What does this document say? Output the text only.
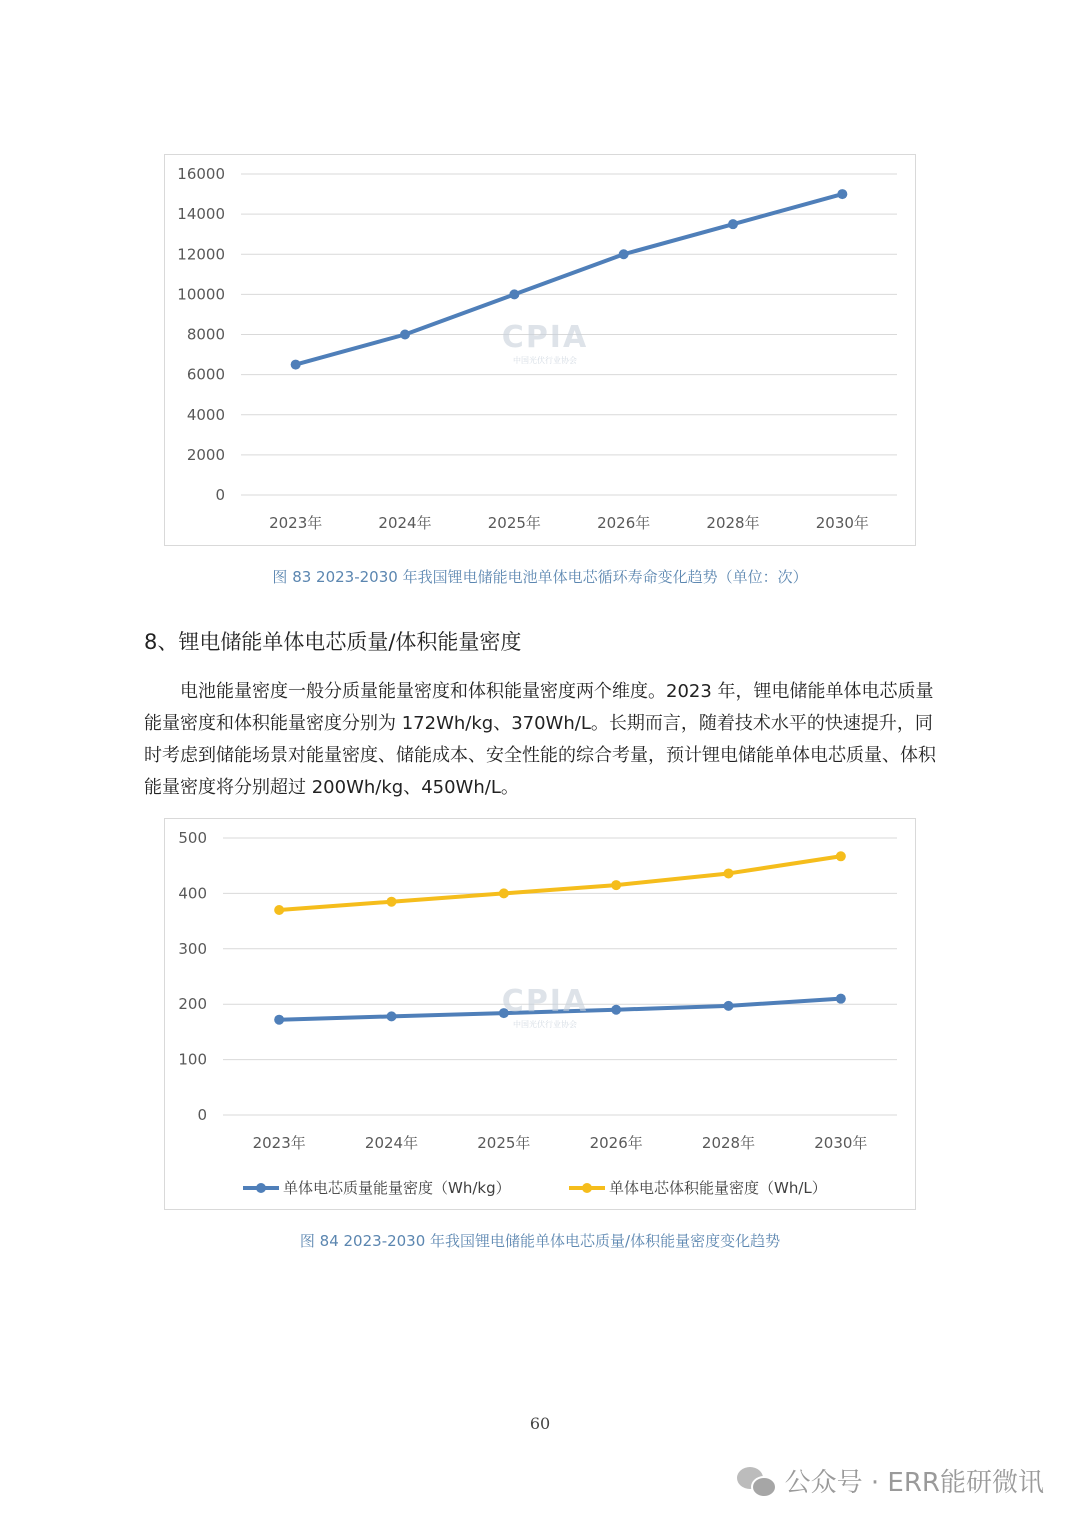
0
2000
4000
6000
8000
10000
12000
14000
16000
2023年	2024年	2025年	2026年	2028年	2030年
CPIA
中国光伏行业协会
图 83 2023-2030 年我国锂电储能电池单体电芯循环寿命变化趋势（单位：次）
8、锂电储能单体电芯质量/体积能量密度
电池能量密度一般分质量能量密度和体积能量密度两个维度。2023 年，锂电储能单体电芯质量能量密度和体积能量密度分别为 172Wh/kg、370Wh/L。长期而言，随着技术水平的快速提升，同时考虑到储能场景对能量密度、储能成本、安全性能的综合考量，预计锂电储能单体电芯质量、体积能量密度将分别超过 200Wh/kg、450Wh/L。
0
100
200
300
400
500
2023年	2024年	2025年	2026年	2028年	2030年
单体电芯质量能量密度（Wh/kg）	单体电芯体积能量密度（Wh/L）
CPIA
中国光伏行业协会
图 84 2023-2030 年我国锂电储能单体电芯质量/体积能量密度变化趋势
60
公众号 · ERR能研微讯
